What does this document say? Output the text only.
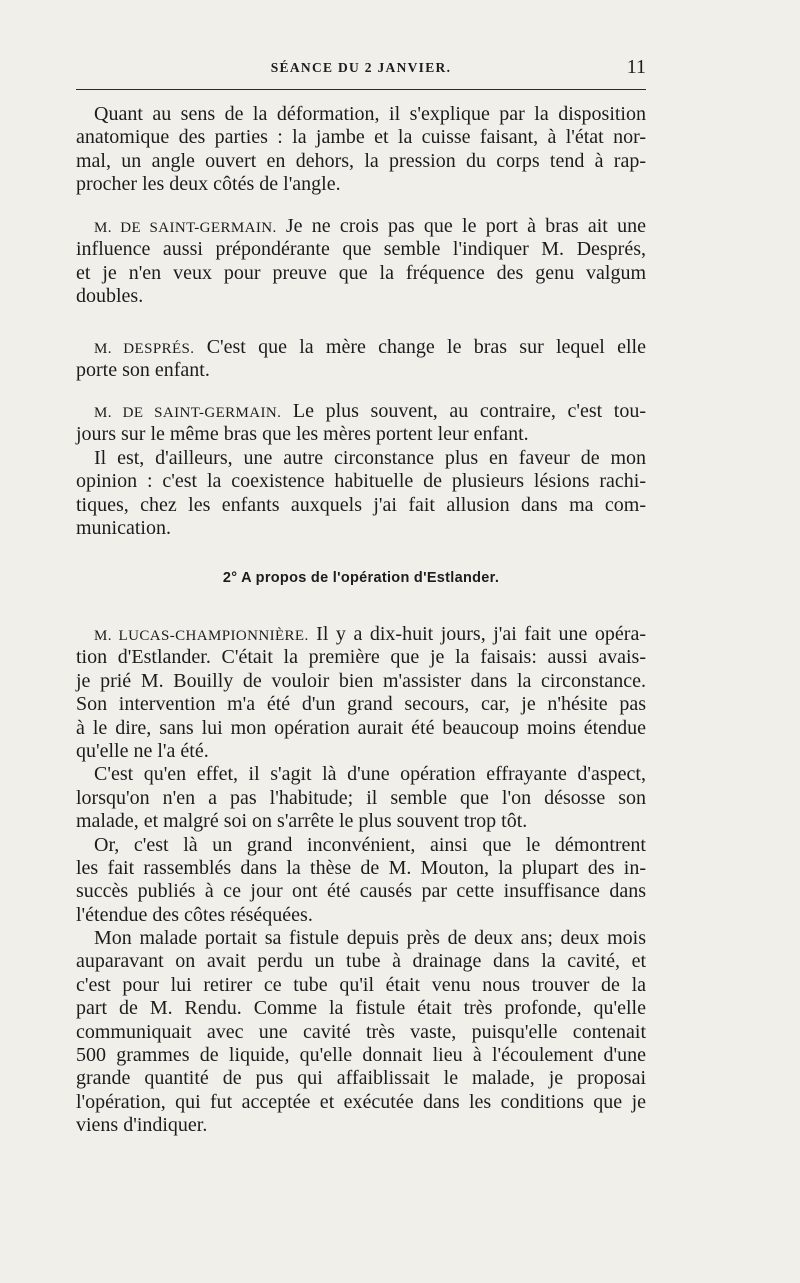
SÉANCE DU 2 JANVIER.	11
Quant au sens de la déformation, il s'explique par la disposition
anatomique des parties : la jambe et la cuisse faisant, à l'état nor-
mal, un angle ouvert en dehors, la pression du corps tend à rap-
procher les deux côtés de l'angle.
M. DE SAINT-GERMAIN. Je ne crois pas que le port à bras ait une
influence aussi prépondérante que semble l'indiquer M. Després,
et je n'en veux pour preuve que la fréquence des genu valgum
doubles.
M. DESPRÉS. C'est que la mère change le bras sur lequel elle
porte son enfant.
M. DE SAINT-GERMAIN. Le plus souvent, au contraire, c'est tou-
jours sur le même bras que les mères portent leur enfant.
Il est, d'ailleurs, une autre circonstance plus en faveur de mon
opinion : c'est la coexistence habituelle de plusieurs lésions rachi-
tiques, chez les enfants auxquels j'ai fait allusion dans ma com-
munication.
2° A propos de l'opération d'Estlander.
M. LUCAS-CHAMPIONNIÈRE. Il y a dix-huit jours, j'ai fait une opéra-
tion d'Estlander. C'était la première que je la faisais: aussi avais-
je prié M. Bouilly de vouloir bien m'assister dans la circonstance.
Son intervention m'a été d'un grand secours, car, je n'hésite pas
à le dire, sans lui mon opération aurait été beaucoup moins étendue
qu'elle ne l'a été.
C'est qu'en effet, il s'agit là d'une opération effrayante d'aspect,
lorsqu'on n'en a pas l'habitude; il semble que l'on désosse son
malade, et malgré soi on s'arrête le plus souvent trop tôt.
Or, c'est là un grand inconvénient, ainsi que le démontrent
les fait rassemblés dans la thèse de M. Mouton, la plupart des in-
succès publiés à ce jour ont été causés par cette insuffisance dans
l'étendue des côtes réséquées.
Mon malade portait sa fistule depuis près de deux ans; deux mois
auparavant on avait perdu un tube à drainage dans la cavité, et
c'est pour lui retirer ce tube qu'il était venu nous trouver de la
part de M. Rendu. Comme la fistule était très profonde, qu'elle
communiquait avec une cavité très vaste, puisqu'elle contenait
500 grammes de liquide, qu'elle donnait lieu à l'écoulement d'une
grande quantité de pus qui affaiblissait le malade, je proposai
l'opération, qui fut acceptée et exécutée dans les conditions que je
viens d'indiquer.
